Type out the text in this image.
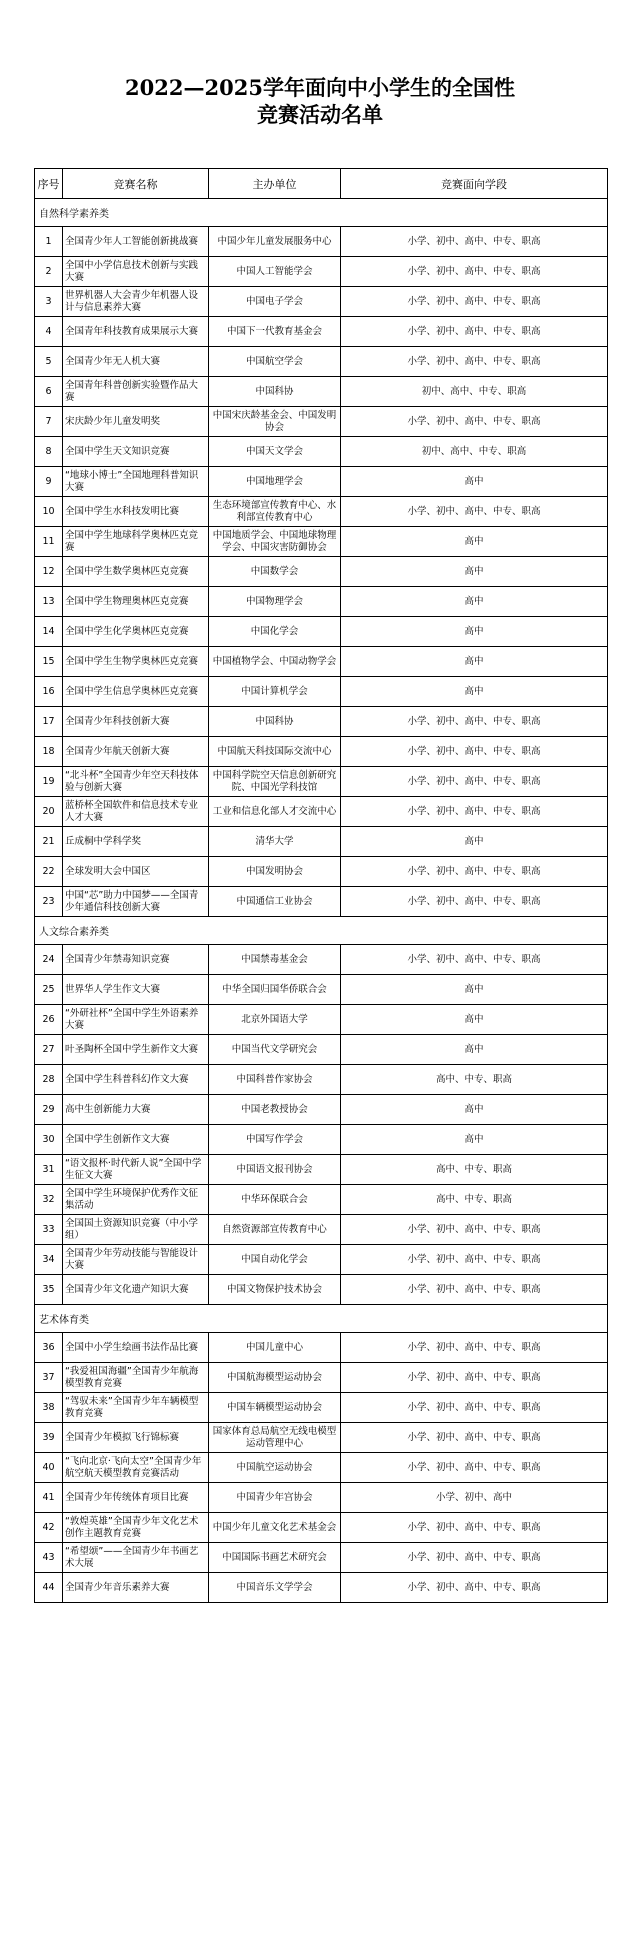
2022—2025学年面向中小学生的全国性
竞赛活动名单
序号	竞赛名称	主办单位	竞赛面向学段
自然科学素养类			
1	全国青少年人工智能创新挑战赛	中国少年儿童发展服务中心	小学、初中、高中、中专、职高
2	全国中小学信息技术创新与实践大赛	中国人工智能学会	小学、初中、高中、中专、职高
3	世界机器人大会青少年机器人设计与信息素养大赛	中国电子学会	小学、初中、高中、中专、职高
4	全国青年科技教育成果展示大赛	中国下一代教育基金会	小学、初中、高中、中专、职高
5	全国青少年无人机大赛	中国航空学会	小学、初中、高中、中专、职高
6	全国青年科普创新实验暨作品大赛	中国科协	初中、高中、中专、职高
7	宋庆龄少年儿童发明奖	中国宋庆龄基金会、中国发明协会	小学、初中、高中、中专、职高
8	全国中学生天文知识竞赛	中国天文学会	初中、高中、中专、职高
9	“地球小博士”全国地理科普知识大赛	中国地理学会	高中
10	全国中学生水科技发明比赛	生态环境部宣传教育中心、水利部宣传教育中心	小学、初中、高中、中专、职高
11	全国中学生地球科学奥林匹克竞赛	中国地质学会、中国地球物理学会、中国灾害防御协会	高中
12	全国中学生数学奥林匹克竞赛	中国数学会	高中
13	全国中学生物理奥林匹克竞赛	中国物理学会	高中
14	全国中学生化学奥林匹克竞赛	中国化学会	高中
15	全国中学生生物学奥林匹克竞赛	中国植物学会、中国动物学会	高中
16	全国中学生信息学奥林匹克竞赛	中国计算机学会	高中
17	全国青少年科技创新大赛	中国科协	小学、初中、高中、中专、职高
18	全国青少年航天创新大赛	中国航天科技国际交流中心	小学、初中、高中、中专、职高
19	“北斗杯”全国青少年空天科技体验与创新大赛	中国科学院空天信息创新研究院、中国光学科技馆	小学、初中、高中、中专、职高
20	蓝桥杯全国软件和信息技术专业人才大赛	工业和信息化部人才交流中心	小学、初中、高中、中专、职高
21	丘成桐中学科学奖	清华大学	高中
22	全球发明大会中国区	中国发明协会	小学、初中、高中、中专、职高
23	中国“芯”助力中国梦——全国青少年通信科技创新大赛	中国通信工业协会	小学、初中、高中、中专、职高
人文综合素养类			
24	全国青少年禁毒知识竞赛	中国禁毒基金会	小学、初中、高中、中专、职高
25	世界华人学生作文大赛	中华全国归国华侨联合会	高中
26	“外研社杯”全国中学生外语素养大赛	北京外国语大学	高中
27	叶圣陶杯全国中学生新作文大赛	中国当代文学研究会	高中
28	全国中学生科普科幻作文大赛	中国科普作家协会	高中、中专、职高
29	高中生创新能力大赛	中国老教授协会	高中
30	全国中学生创新作文大赛	中国写作学会	高中
31	“语文报杯·时代新人说”全国中学生征文大赛	中国语文报刊协会	高中、中专、职高
32	全国中学生环境保护优秀作文征集活动	中华环保联合会	高中、中专、职高
33	全国国土资源知识竞赛（中小学组）	自然资源部宣传教育中心	小学、初中、高中、中专、职高
34	全国青少年劳动技能与智能设计大赛	中国自动化学会	小学、初中、高中、中专、职高
35	全国青少年文化遗产知识大赛	中国文物保护技术协会	小学、初中、高中、中专、职高
艺术体育类			
36	全国中小学生绘画书法作品比赛	中国儿童中心	小学、初中、高中、中专、职高
37	“我爱祖国海疆”全国青少年航海模型教育竞赛	中国航海模型运动协会	小学、初中、高中、中专、职高
38	“驾驭未来”全国青少年车辆模型教育竞赛	中国车辆模型运动协会	小学、初中、高中、中专、职高
39	全国青少年模拟飞行锦标赛	国家体育总局航空无线电模型运动管理中心	小学、初中、高中、中专、职高
40	“飞向北京·飞向太空”全国青少年航空航天模型教育竞赛活动	中国航空运动协会	小学、初中、高中、中专、职高
41	全国青少年传统体育项目比赛	中国青少年宫协会	小学、初中、高中
42	“敦煌英雄”全国青少年文化艺术创作主题教育竞赛	中国少年儿童文化艺术基金会	小学、初中、高中、中专、职高
43	“希望颂”——全国青少年书画艺术大展	中国国际书画艺术研究会	小学、初中、高中、中专、职高
44	全国青少年音乐素养大赛	中国音乐文学学会	小学、初中、高中、中专、职高
